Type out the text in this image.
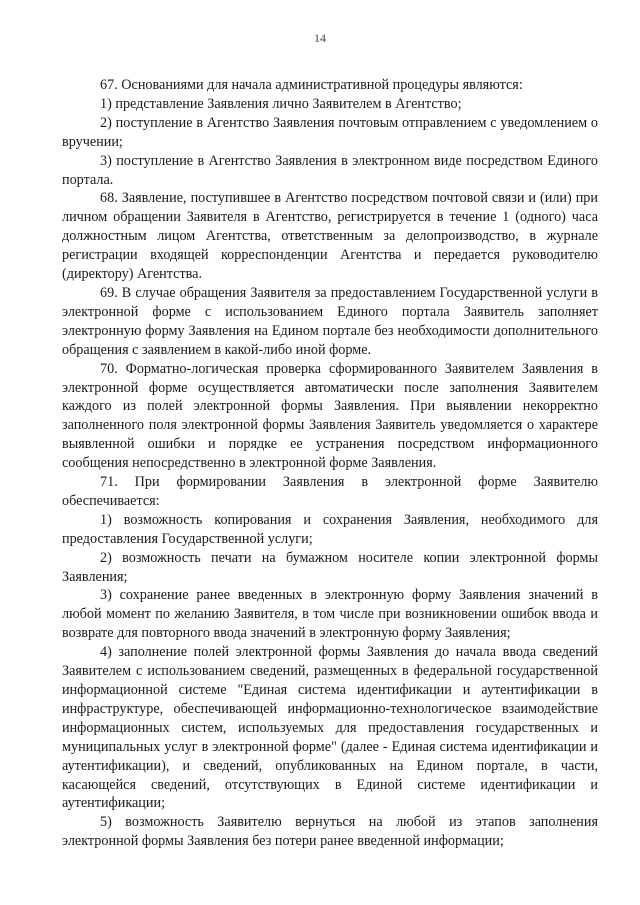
14

67. Основаниями для начала административной процедуры являются:

1) представление Заявления лично Заявителем в Агентство;

2) поступление в Агентство Заявления почтовым отправлением с уведомлением о вручении;

3) поступление в Агентство Заявления в электронном виде посредством Единого портала.

68. Заявление, поступившее в Агентство посредством почтовой связи и (или) при личном обращении Заявителя в Агентство, регистрируется в течение 1 (одного) часа должностным лицом Агентства, ответственным за делопроизводство, в журнале регистрации входящей корреспонденции Агентства и передается руководителю (директору) Агентства.

69. В случае обращения Заявителя за предоставлением Государственной услуги в электронной форме с использованием Единого портала Заявитель заполняет электронную форму Заявления на Едином портале без необходимости дополнительного обращения с заявлением в какой-либо иной форме.

70. Форматно-логическая проверка сформированного Заявителем Заявления в электронной форме осуществляется автоматически после заполнения Заявителем каждого из полей электронной формы Заявления. При выявлении некорректно заполненного поля электронной формы Заявления Заявитель уведомляется о характере выявленной ошибки и порядке ее устранения посредством информационного сообщения непосредственно в электронной форме Заявления.

71. При формировании Заявления в электронной форме Заявителю обеспечивается:

1) возможность копирования и сохранения Заявления, необходимого для предоставления Государственной услуги;

2) возможность печати на бумажном носителе копии электронной формы Заявления;

3) сохранение ранее введенных в электронную форму Заявления значений в любой момент по желанию Заявителя, в том числе при возникновении ошибок ввода и возврате для повторного ввода значений в электронную форму Заявления;

4) заполнение полей электронной формы Заявления до начала ввода сведений Заявителем с использованием сведений, размещенных в федеральной государственной информационной системе "Единая система идентификации и аутентификации в инфраструктуре, обеспечивающей информационно-технологическое взаимодействие информационных систем, используемых для предоставления государственных и муниципальных услуг в электронной форме" (далее - Единая система идентификации и аутентификации), и сведений, опубликованных на Едином портале, в части, касающейся сведений, отсутствующих в Единой системе идентификации и аутентификации;

5) возможность Заявителю вернуться на любой из этапов заполнения электронной формы Заявления без потери ранее введенной информации;
